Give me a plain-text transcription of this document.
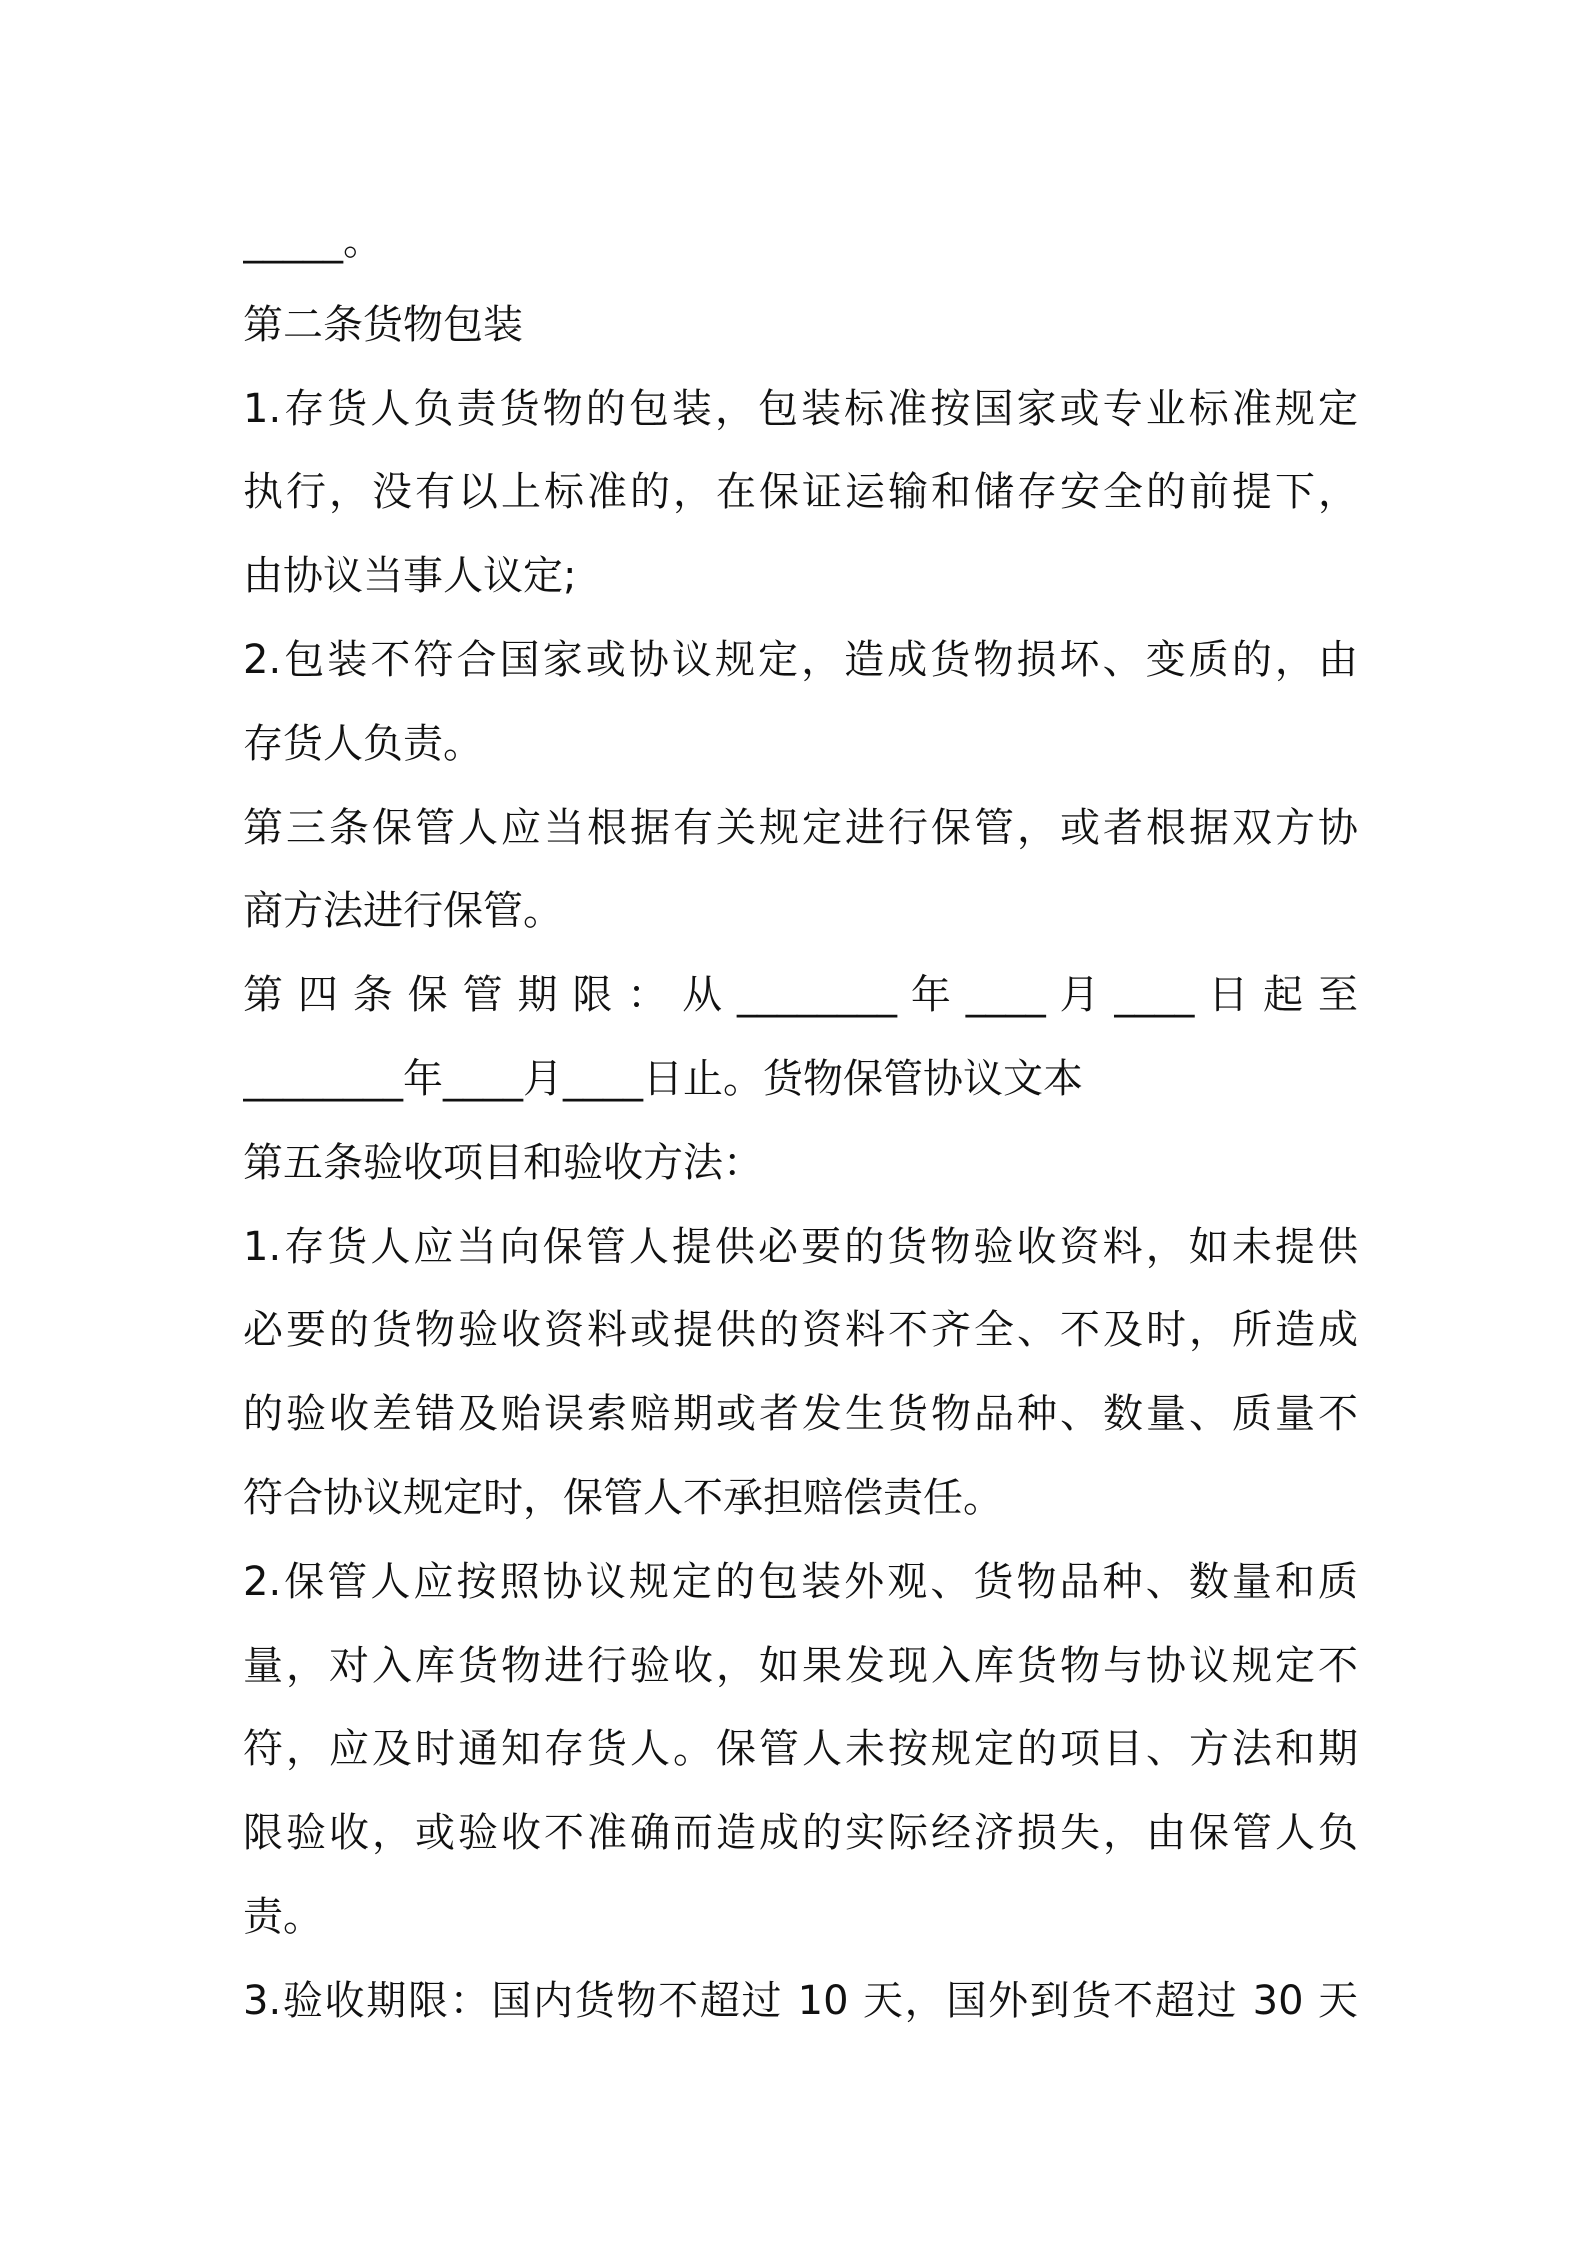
_____。
第二条货物包装
1.存货人负责货物的包装，包装标准按国家或专业标准规定
执行，没有以上标准的，在保证运输和储存安全的前提下，
由协议当事人议定;
2.包装不符合国家或协议规定，造成货物损坏、变质的，由
存货人负责。
第三条保管人应当根据有关规定进行保管，或者根据双方协
商方法进行保管。
第 四 条 保 管 期 限 ： 从 ________ 年 ____ 月 ____ 日 起 至
________年____月____日止。货物保管协议文本
第五条验收项目和验收方法：
1.存货人应当向保管人提供必要的货物验收资料，如未提供
必要的货物验收资料或提供的资料不齐全、不及时，所造成
的验收差错及贻误索赔期或者发生货物品种、数量、质量不
符合协议规定时，保管人不承担赔偿责任。
2.保管人应按照协议规定的包装外观、货物品种、数量和质
量，对入库货物进行验收，如果发现入库货物与协议规定不
符，应及时通知存货人。保管人未按规定的项目、方法和期
限验收，或验收不准确而造成的实际经济损失，由保管人负
责。
3.验收期限：国内货物不超过 10 天，国外到货不超过 30 天
